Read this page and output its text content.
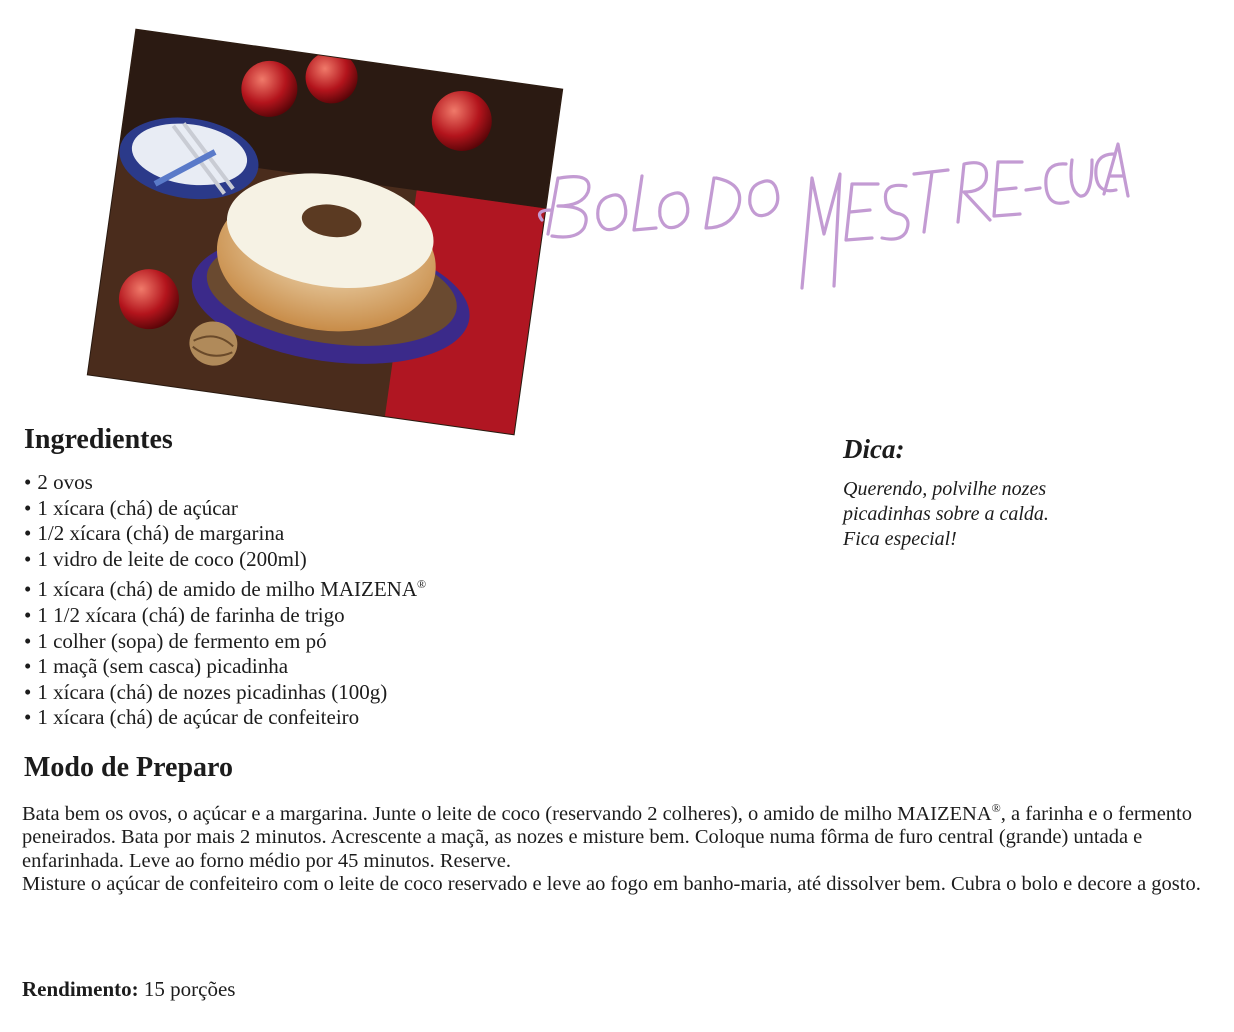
Ingredientes
• 2 ovos
• 1 xícara (chá) de açúcar
• 1/2 xícara (chá) de margarina
• 1 vidro de leite de coco (200ml)
• 1 xícara (chá) de amido de milho MAIZENA®
• 1 1/2 xícara (chá) de farinha de trigo
• 1 colher (sopa) de fermento em pó
• 1 maçã (sem casca) picadinha
• 1 xícara (chá) de nozes picadinhas (100g)
• 1 xícara (chá) de açúcar de confeiteiro
Dica:

Querendo, polvilhe nozes
picadinhas sobre a calda.
Fica especial!

Modo de Preparo
Bata bem os ovos, o açúcar e a margarina. Junte o leite de coco (reservando 2 colheres), o amido de milho MAIZENA®, a farinha e o fermento peneirados. Bata por mais 2 minutos. Acrescente a maçã, as nozes e misture bem. Coloque numa fôrma de furo central (grande) untada e enfarinhada. Leve ao forno médio por 45 minutos. Reserve.
Misture o açúcar de confeiteiro com o leite de coco reservado e leve ao fogo em banho-maria, até dissolver bem. Cubra o bolo e decore a gosto.

Rendimento: 15 porções
